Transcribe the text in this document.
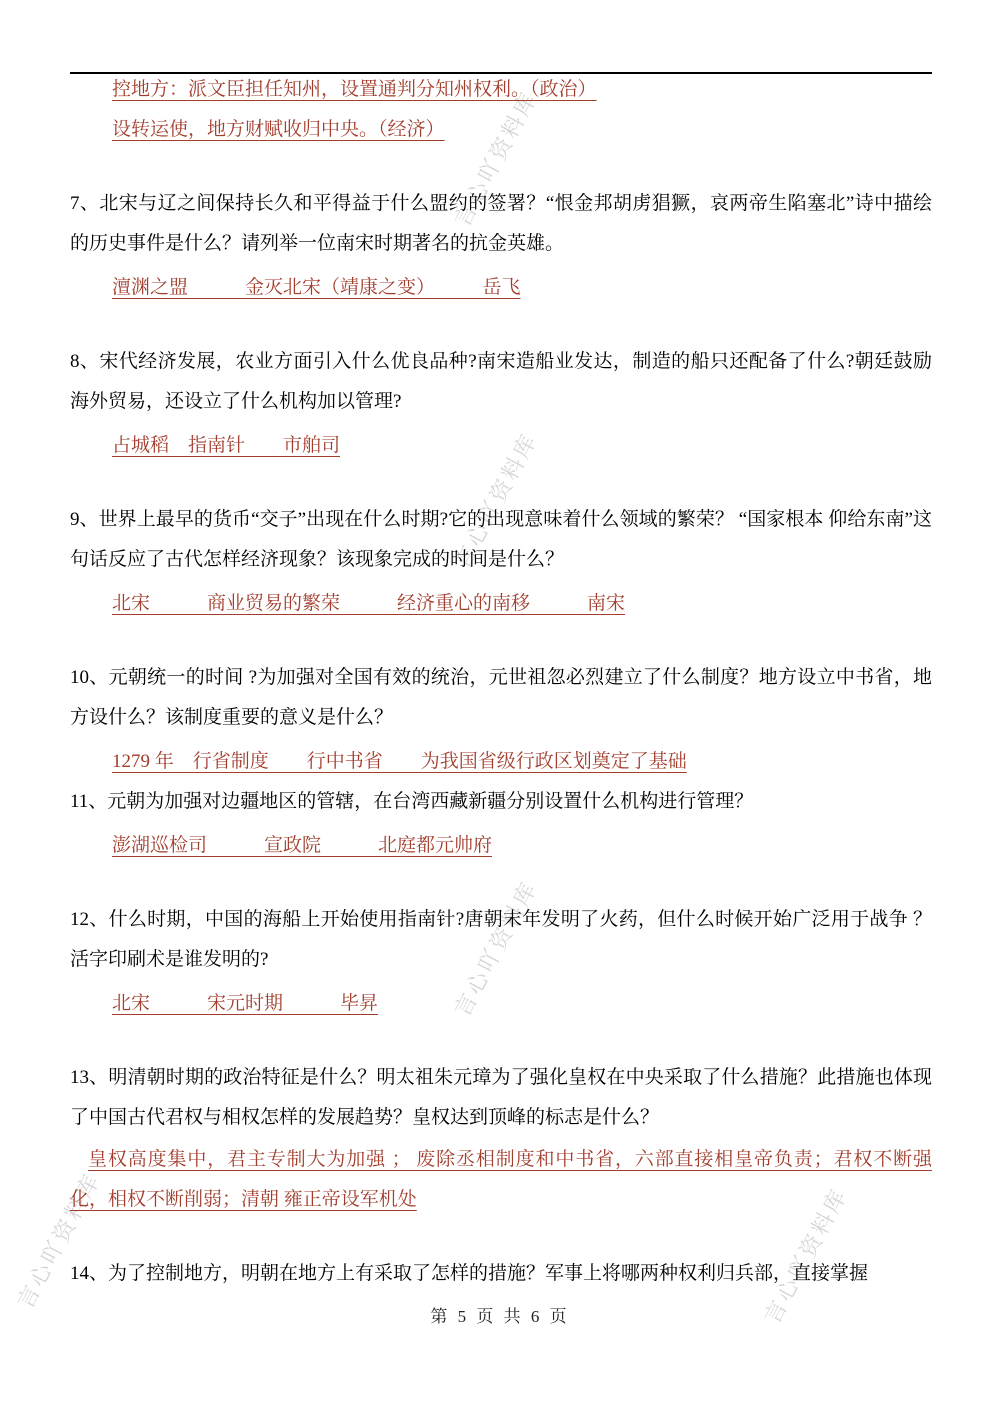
言心吖资料库
言心吖资料库
言心吖资料库
言心吖资料库	言心吖资料库

控地方：派文臣担任知州，设置通判分知州权利。（政治）

设转运使，地方财赋收归中央。（经济）

7、北宋与辽之间保持长久和平得益于什么盟约的签署？“恨金邦胡虏猖獗，哀两帝生陷塞北”诗中描绘的历史事件是什么？请列举一位南宋时期著名的抗金英雄。

澶渊之盟　　　金灭北宋（靖康之变）　　　岳飞

8、宋代经济发展，农业方面引入什么优良品种?南宋造船业发达，制造的船只还配备了什么?朝廷鼓励海外贸易，还设立了什么机构加以管理?

占城稻　指南针　　市舶司

9、世界上最早的货币“交子”出现在什么时期?它的出现意味着什么领域的繁荣？ “国家根本 仰给东南”这句话反应了古代怎样经济现象？该现象完成的时间是什么？

北宋　　　商业贸易的繁荣　　　经济重心的南移　　　南宋

10、元朝统一的时间 ?为加强对全国有效的统治，元世祖忽必烈建立了什么制度？地方设立中书省，地方设什么？该制度重要的意义是什么？

1279 年　行省制度　　行中书省　　为我国省级行政区划奠定了基础

11、元朝为加强对边疆地区的管辖，在台湾西藏新疆分别设置什么机构进行管理？

澎湖巡检司　　　宣政院　　　北庭都元帅府

12、什么时期，中国的海船上开始使用指南针?唐朝末年发明了火药，但什么时候开始广泛用于战争 ？ 活字印刷术是谁发明的?

北宋　　　宋元时期　　　毕昇

13、明清朝时期的政治特征是什么？明太祖朱元璋为了强化皇权在中央采取了什么措施？此措施也体现了中国古代君权与相权怎样的发展趋势？皇权达到顶峰的标志是什么？

皇权高度集中，君主专制大为加强 ； 废除丞相制度和中书省，六部直接相皇帝负责；君权不断强化，相权不断削弱；清朝 雍正帝设军机处

14、为了控制地方，明朝在地方上有采取了怎样的措施？军事上将哪两种权利归兵部，直接掌握

第 5 页 共 6 页
